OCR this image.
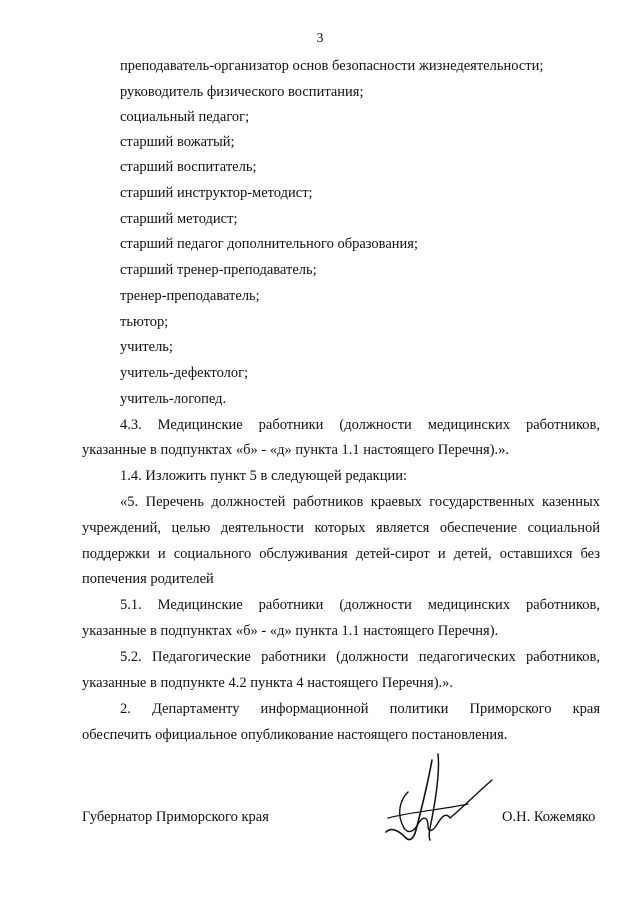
3
преподаватель-организатор основ безопасности жизнедеятельности;
руководитель физического воспитания;
социальный педагог;
старший вожатый;
старший воспитатель;
старший инструктор-методист;
старший методист;
старший педагог дополнительного образования;
старший тренер-преподаватель;
тренер-преподаватель;
тьютор;
учитель;
учитель-дефектолог;
учитель-логопед.
4.3. Медицинские работники (должности медицинских работников,
указанные в подпунктах «б» - «д» пункта 1.1 настоящего Перечня).».
1.4. Изложить пункт 5 в следующей редакции:
«5. Перечень должностей работников краевых государственных казенных
учреждений, целью деятельности которых является обеспечение социальной
поддержки и социального обслуживания детей-сирот и детей, оставшихся без
попечения родителей
5.1. Медицинские работники (должности медицинских работников,
указанные в подпунктах «б» - «д» пункта 1.1 настоящего Перечня).
5.2. Педагогические работники (должности педагогических работников,
указанные в подпункте 4.2 пункта 4 настоящего Перечня).».
2. Департаменту информационной политики Приморского края
обеспечить официальное опубликование настоящего постановления.
Губернатор Приморского края	О.Н. Кожемяко
